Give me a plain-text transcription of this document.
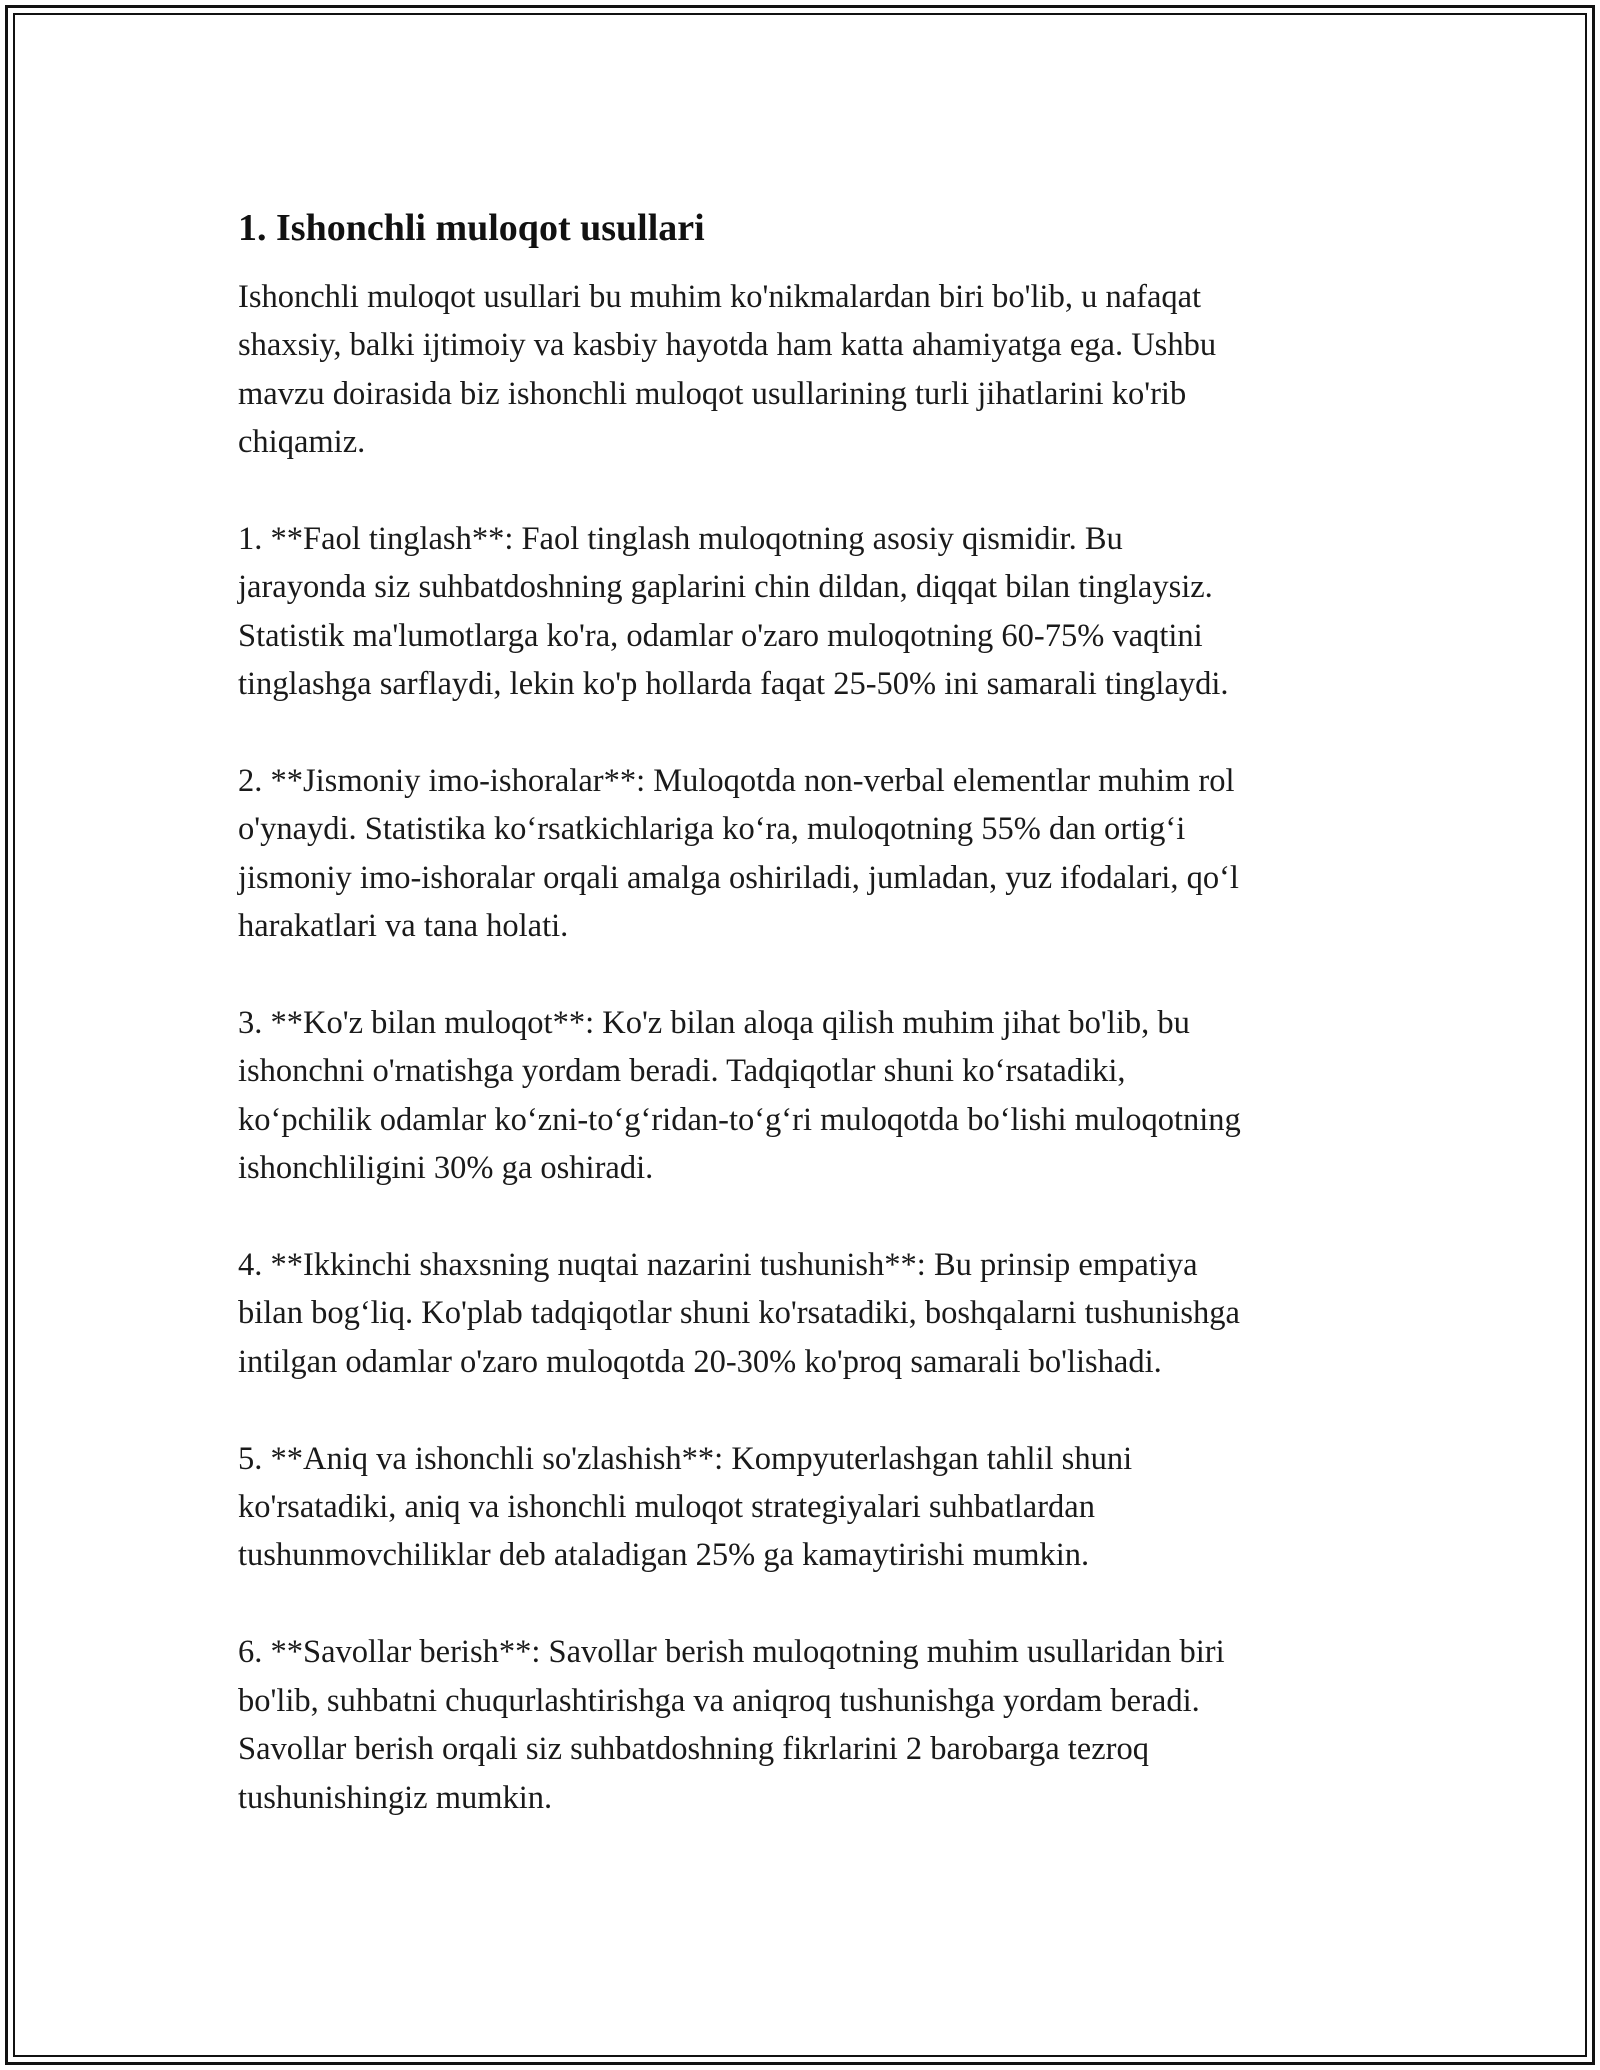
1. Ishonchli muloqot usullari

Ishonchli muloqot usullari bu muhim ko'nikmalardan biri bo'lib, u nafaqat
shaxsiy, balki ijtimoiy va kasbiy hayotda ham katta ahamiyatga ega. Ushbu
mavzu doirasida biz ishonchli muloqot usullarining turli jihatlarini ko'rib
chiqamiz.

1. **Faol tinglash**: Faol tinglash muloqotning asosiy qismidir. Bu
jarayonda siz suhbatdoshning gaplarini chin dildan, diqqat bilan tinglaysiz.
Statistik ma'lumotlarga ko'ra, odamlar o'zaro muloqotning 60-75% vaqtini
tinglashga sarflaydi, lekin ko'p hollarda faqat 25-50% ini samarali tinglaydi.

2. **Jismoniy imo-ishoralar**: Muloqotda non-verbal elementlar muhim rol
o'ynaydi. Statistika ko‘rsatkichlariga ko‘ra, muloqotning 55% dan ortig‘i
jismoniy imo-ishoralar orqali amalga oshiriladi, jumladan, yuz ifodalari, qo‘l
harakatlari va tana holati.

3. **Ko'z bilan muloqot**: Ko'z bilan aloqa qilish muhim jihat bo'lib, bu
ishonchni o'rnatishga yordam beradi. Tadqiqotlar shuni ko‘rsatadiki,
ko‘pchilik odamlar ko‘zni-to‘g‘ridan-to‘g‘ri muloqotda bo‘lishi muloqotning
ishonchliligini 30% ga oshiradi.

4. **Ikkinchi shaxsning nuqtai nazarini tushunish**: Bu prinsip empatiya
bilan bog‘liq. Ko'plab tadqiqotlar shuni ko'rsatadiki, boshqalarni tushunishga
intilgan odamlar o'zaro muloqotda 20-30% ko'proq samarali bo'lishadi.

5. **Aniq va ishonchli so'zlashish**: Kompyuterlashgan tahlil shuni
ko'rsatadiki, aniq va ishonchli muloqot strategiyalari suhbatlardan
tushunmovchiliklar deb ataladigan 25% ga kamaytirishi mumkin.

6. **Savollar berish**: Savollar berish muloqotning muhim usullaridan biri
bo'lib, suhbatni chuqurlashtirishga va aniqroq tushunishga yordam beradi.
Savollar berish orqali siz suhbatdoshning fikrlarini 2 barobarga tezroq
tushunishingiz mumkin.
